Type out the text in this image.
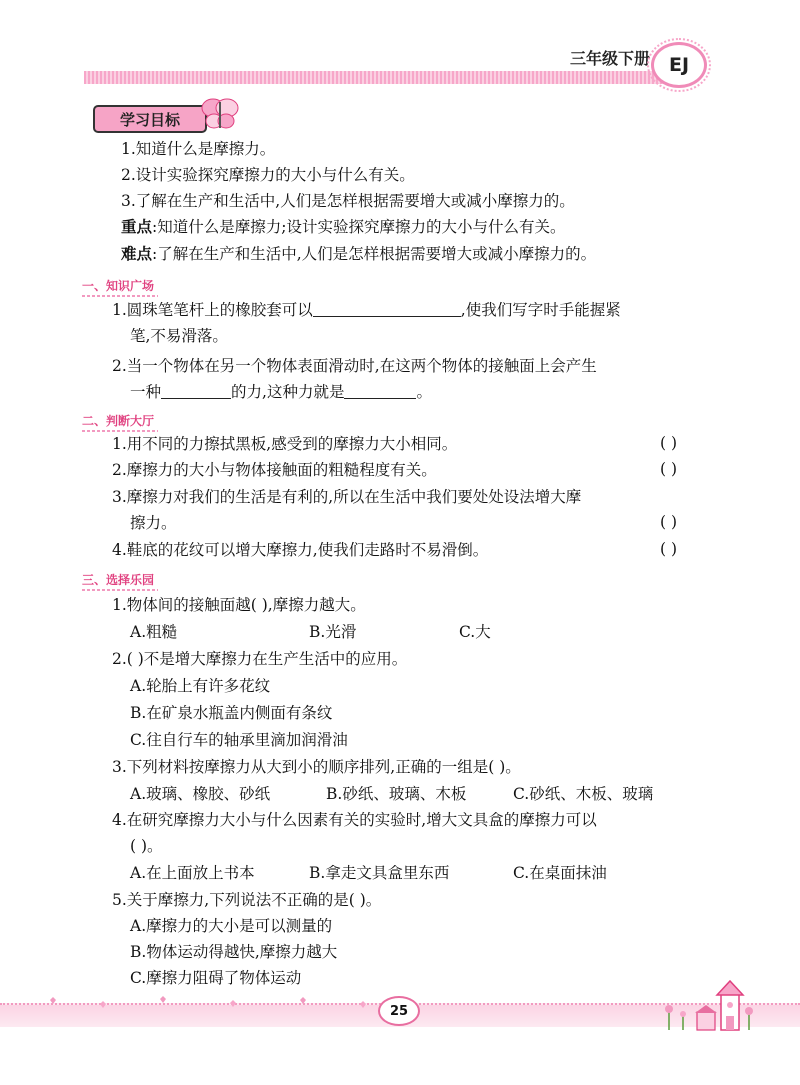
三年级下册 EJ
学习目标
1.知道什么是摩擦力。
2.设计实验探究摩擦力的大小与什么有关。
3.了解在生产和生活中,人们是怎样根据需要增大或减小摩擦力的。
重点:知道什么是摩擦力;设计实验探究摩擦力的大小与什么有关。
难点:了解在生产和生活中,人们是怎样根据需要增大或减小摩擦力的。
一、知识广场
1.圆珠笔笔杆上的橡胶套可以	,使我们写字时手能握紧
笔,不易滑落。
2.当一个物体在另一个物体表面滑动时,在这两个物体的接触面上会产生
一种	的力,这种力就是	。
二、判断大厅
1.用不同的力擦拭黑板,感受到的摩擦力大小相同。	( )
2.摩擦力的大小与物体接触面的粗糙程度有关。	( )
3.摩擦力对我们的生活是有利的,所以在生活中我们要处处设法增大摩
擦力。	( )
4.鞋底的花纹可以增大摩擦力,使我们走路时不易滑倒。	( )
三、选择乐园
1.物体间的接触面越( ),摩擦力越大。
A.粗糙	B.光滑	C.大
2.( )不是增大摩擦力在生产生活中的应用。
A.轮胎上有许多花纹
B.在矿泉水瓶盖内侧面有条纹
C.往自行车的轴承里滴加润滑油
3.下列材料按摩擦力从大到小的顺序排列,正确的一组是( )。
A.玻璃、橡胶、砂纸	B.砂纸、玻璃、木板	C.砂纸、木板、玻璃
4.在研究摩擦力大小与什么因素有关的实验时,增大文具盒的摩擦力可以
( )。
A.在上面放上书本	B.拿走文具盒里东西	C.在桌面抹油
5.关于摩擦力,下列说法不正确的是( )。
A.摩擦力的大小是可以测量的
B.物体运动得越快,摩擦力越大
C.摩擦力阻碍了物体运动
25
